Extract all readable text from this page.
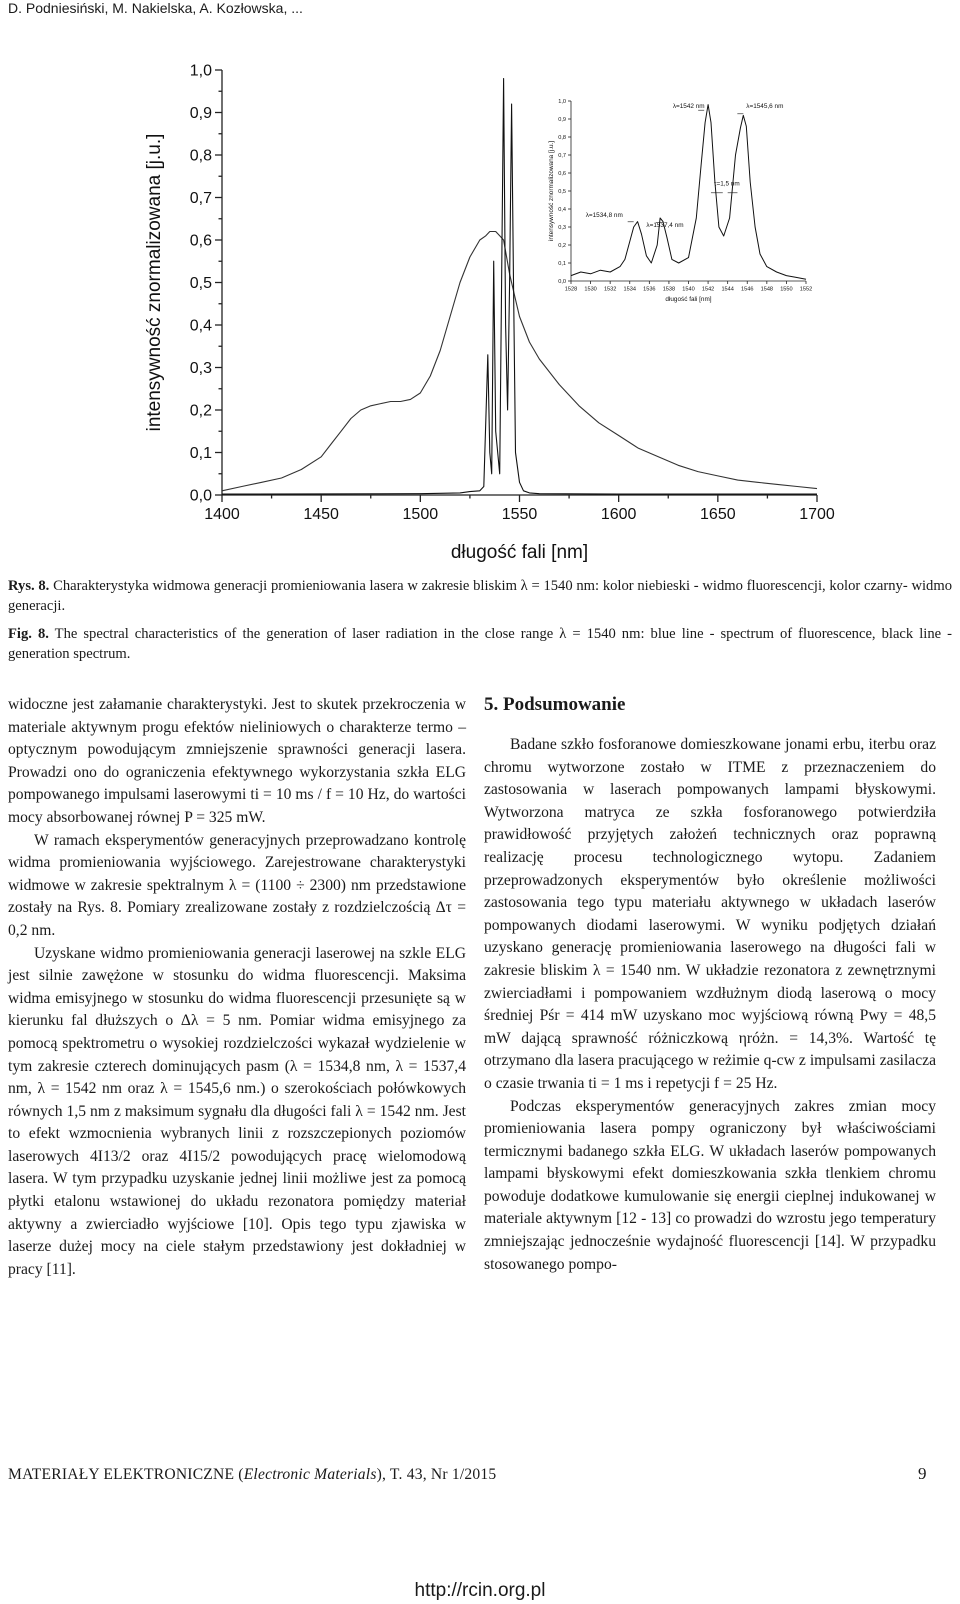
D. Podniesiński, M. Nakielska, A. Kozłowska, ...
0,0
0,1
0,2
0,3
0,4
0,5
0,6
0,7
0,8
0,9
1,0
1400	1450	1500	1550	1600	1650	1700
długość fali [nm]
intensywność znormalizowana [j.u.]	0,0
0,1
0,2
0,3
0,4
0,5
0,6
0,7
0,8
0,9
1,0
1528 1530 1532 1534 1536 1538 1540 1542 1544 1546 1548 1550 1552
długość fali [nm]
intensywność znormalizowana [j.u.]
λ=1542 nm	λ=1545,6 nm
τ=1,5 nm
λ=1534,8 nm
λ=1537,4 nm
Rys. 8. Charakterystyka widmowa generacji promieniowania lasera w zakresie bliskim λ = 1540 nm: kolor niebieski - widmo fluorescencji, kolor czarny- widmo generacji.
Fig. 8. The spectral characteristics of the generation of laser radiation in the close range λ = 1540 nm: blue line - spectrum of fluorescence, black line - generation spectrum.

widoczne jest załamanie charakterystyki. Jest to skutek przekroczenia w materiale aktywnym progu efektów nieliniowych o charakterze termo – optycznym powodującym zmniejszenie sprawności generacji lasera. Prowadzi ono do ograniczenia efektywnego wykorzystania szkła ELG pompowanego impulsami laserowymi ti = 10 ms / f = 10 Hz, do wartości mocy absorbowanej równej P = 325 mW.

W ramach eksperymentów generacyjnych przeprowadzano kontrolę widma promieniowania wyjściowego. Zarejestrowane charakterystyki widmowe w zakresie spektralnym λ = (1100 ÷ 2300) nm przedstawione zostały na Rys. 8. Pomiary zrealizowane zostały z rozdzielczością Δτ = 0,2 nm.

Uzyskane widmo promieniowania generacji laserowej na szkle ELG jest silnie zawężone w stosunku do widma fluorescencji. Maksima widma emisyjnego w stosunku do widma fluorescencji przesunięte są w kierunku fal dłuższych o Δλ = 5 nm. Pomiar widma emisyjnego za pomocą spektrometru o wysokiej rozdzielczości wykazał wydzielenie w tym zakresie czterech dominujących pasm (λ = 1534,8 nm, λ = 1537,4 nm, λ = 1542 nm oraz λ = 1545,6 nm.) o szerokościach połówkowych równych 1,5 nm z maksimum sygnału dla długości fali λ = 1542 nm. Jest to efekt wzmocnienia wybranych linii z rozszczepionych poziomów laserowych 4I13/2 oraz 4I15/2 powodujących pracę wielomodową lasera. W tym przypadku uzyskanie jednej linii możliwe jest za pomocą płytki etalonu wstawionej do układu rezonatora pomiędzy materiał aktywny a zwierciadło wyjściowe [10]. Opis tego typu zjawiska w laserze dużej mocy na ciele stałym przedstawiony jest dokładniej w pracy [11].

5. Podsumowanie

Badane szkło fosforanowe domieszkowane jonami erbu, iterbu oraz chromu wytworzone zostało w ITME z przeznaczeniem do zastosowania w laserach pompowanych lampami błyskowymi. Wytworzona matryca ze szkła fosforanowego potwierdziła prawidłowość przyjętych założeń technicznych oraz poprawną realizację procesu technologicznego wytopu. Zadaniem przeprowadzonych eksperymentów było określenie możliwości zastosowania tego typu materiału aktywnego w układach laserów pompowanych diodami laserowymi. W wyniku podjętych działań uzyskano generację promieniowania laserowego na długości fali w zakresie bliskim λ = 1540 nm. W układzie rezonatora z zewnętrznymi zwierciadłami i pompowaniem wzdłużnym diodą laserową o mocy średniej Pśr = 414 mW uzyskano moc wyjściową równą Pwy = 48,5 mW dającą sprawność różniczkową ηróżn. = 14,3%. Wartość tę otrzymano dla lasera pracującego w reżimie q-cw z impulsami zasilacza o czasie trwania ti = 1 ms i repetycji f = 25 Hz.

Podczas eksperymentów generacyjnych zakres zmian mocy promieniowania lasera pompy ograniczony był właściwościami termicznymi badanego szkła ELG. W układach laserów pompowanych lampami błyskowymi efekt domieszkowania szkła tlenkiem chromu powoduje dodatkowe kumulowanie się energii cieplnej indukowanej w materiale aktywnym [12 - 13] co prowadzi do wzrostu jego temperatury zmniejszając jednocześnie wydajność fluorescencji [14]. W przypadku stosowanego pompo-

MATERIAŁY ELEKTRONICZNE (Electronic Materials), T. 43, Nr 1/2015	9
http://rcin.org.pl
